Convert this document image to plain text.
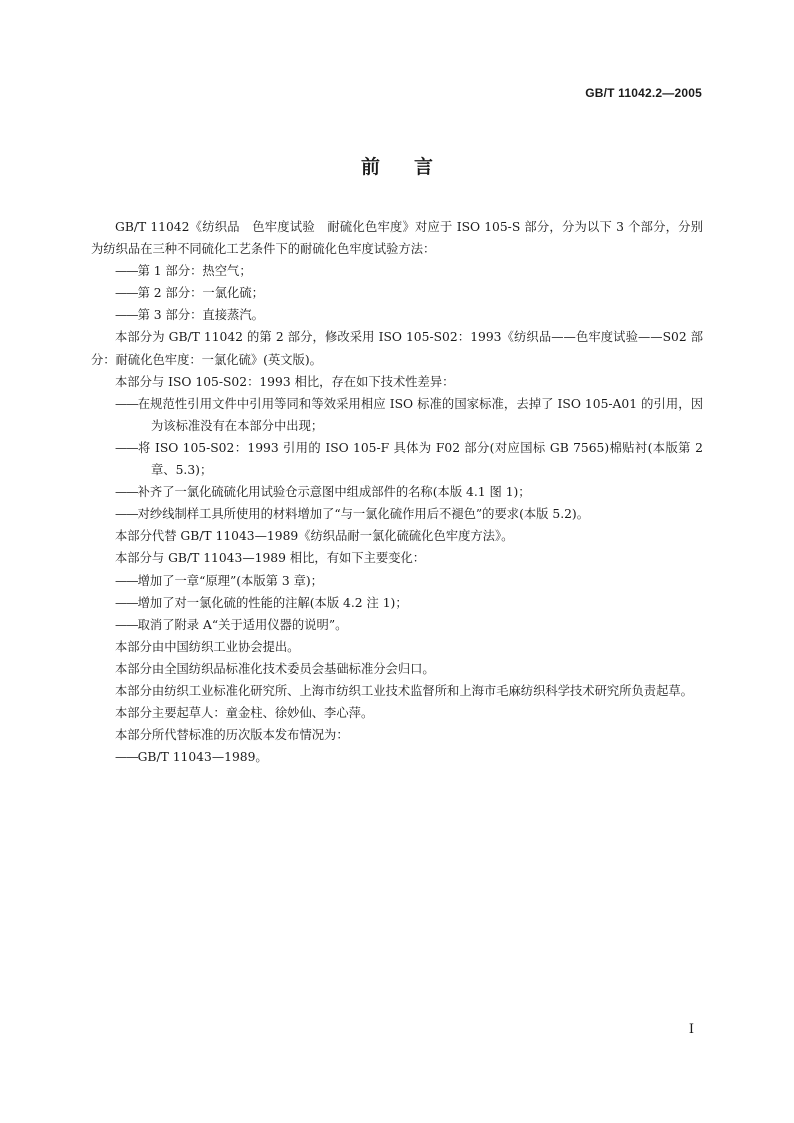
GB/T 11042.2—2005
前言

GB/T 11042《纺织品　色牢度试验　耐硫化色牢度》对应于 ISO 105-S 部分，分为以下 3 个部分，分别为纺织品在三种不同硫化工艺条件下的耐硫化色牢度试验方法：

—— 第 1 部分：热空气；

—— 第 2 部分：一氯化硫；

—— 第 3 部分：直接蒸汽。

本部分为 GB/T 11042 的第 2 部分，修改采用 ISO 105-S02：1993《纺织品——色牢度试验——S02 部分：耐硫化色牢度：一氯化硫》(英文版)。

本部分与 ISO 105-S02：1993 相比，存在如下技术性差异：

—— 在规范性引用文件中引用等同和等效采用相应 ISO 标准的国家标准，去掉了 ISO 105-A01 的引用，因为该标准没有在本部分中出现；

—— 将 ISO 105-S02：1993 引用的 ISO 105-F 具体为 F02 部分(对应国标 GB 7565)棉贴衬(本版第 2 章、5.3)；

—— 补齐了一氯化硫硫化用试验仓示意图中组成部件的名称(本版 4.1 图 1)；

—— 对纱线制样工具所使用的材料增加了“与一氯化硫作用后不褪色”的要求(本版 5.2)。

本部分代替 GB/T 11043—1989《纺织品耐一氯化硫硫化色牢度方法》。

本部分与 GB/T 11043—1989 相比，有如下主要变化：

—— 增加了一章“原理”(本版第 3 章)；

—— 增加了对一氯化硫的性能的注解(本版 4.2 注 1)；

—— 取消了附录 A“关于适用仪器的说明”。

本部分由中国纺织工业协会提出。

本部分由全国纺织品标准化技术委员会基础标准分会归口。

本部分由纺织工业标准化研究所、上海市纺织工业技术监督所和上海市毛麻纺织科学技术研究所负责起草。

本部分主要起草人：童金柱、徐妙仙、李心萍。

本部分所代替标准的历次版本发布情况为：

—— GB/T 11043—1989。

I
